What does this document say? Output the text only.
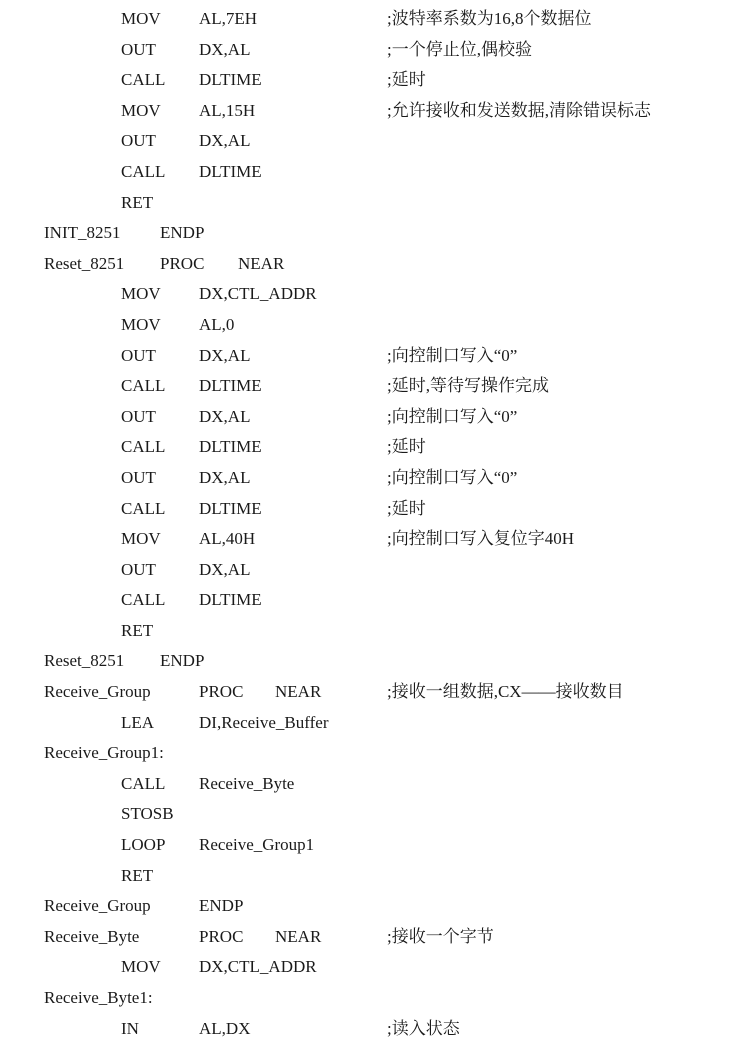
MOV AL,7EH	;波特率系数为16,8个数据位
OUT	DX,AL	;一个停止位,偶校验
CALL DLTIME	;延时
MOV AL,15H	;允许接收和发送数据,清除错误标志
OUT	DX,AL
CALL DLTIME
RET
INIT_8251 ENDP
Reset_8251 PROC NEAR
MOV DX,CTL_ADDR
MOV AL,0
OUT	DX,AL	;向控制口写入“0”
CALL DLTIME	;延时,等待写操作完成
OUT	DX,AL	;向控制口写入“0”
CALL DLTIME	;延时
OUT	DX,AL	;向控制口写入“0”
CALL DLTIME	;延时
MOV AL,40H	;向控制口写入复位字40H
OUT	DX,AL
CALL DLTIME
RET
Reset_8251 ENDP
Receive_Group	PROC NEAR	;接收一组数据,CX——接收数目
LEA	DI,Receive_Buffer
Receive_Group1:
CALL Receive_Byte
STOSB
LOOP Receive_Group1
RET
Receive_Group	ENDP
Receive_Byte	PROC NEAR	;接收一个字节
MOV DX,CTL_ADDR
Receive_Byte1:
IN	AL,DX	;读入状态
